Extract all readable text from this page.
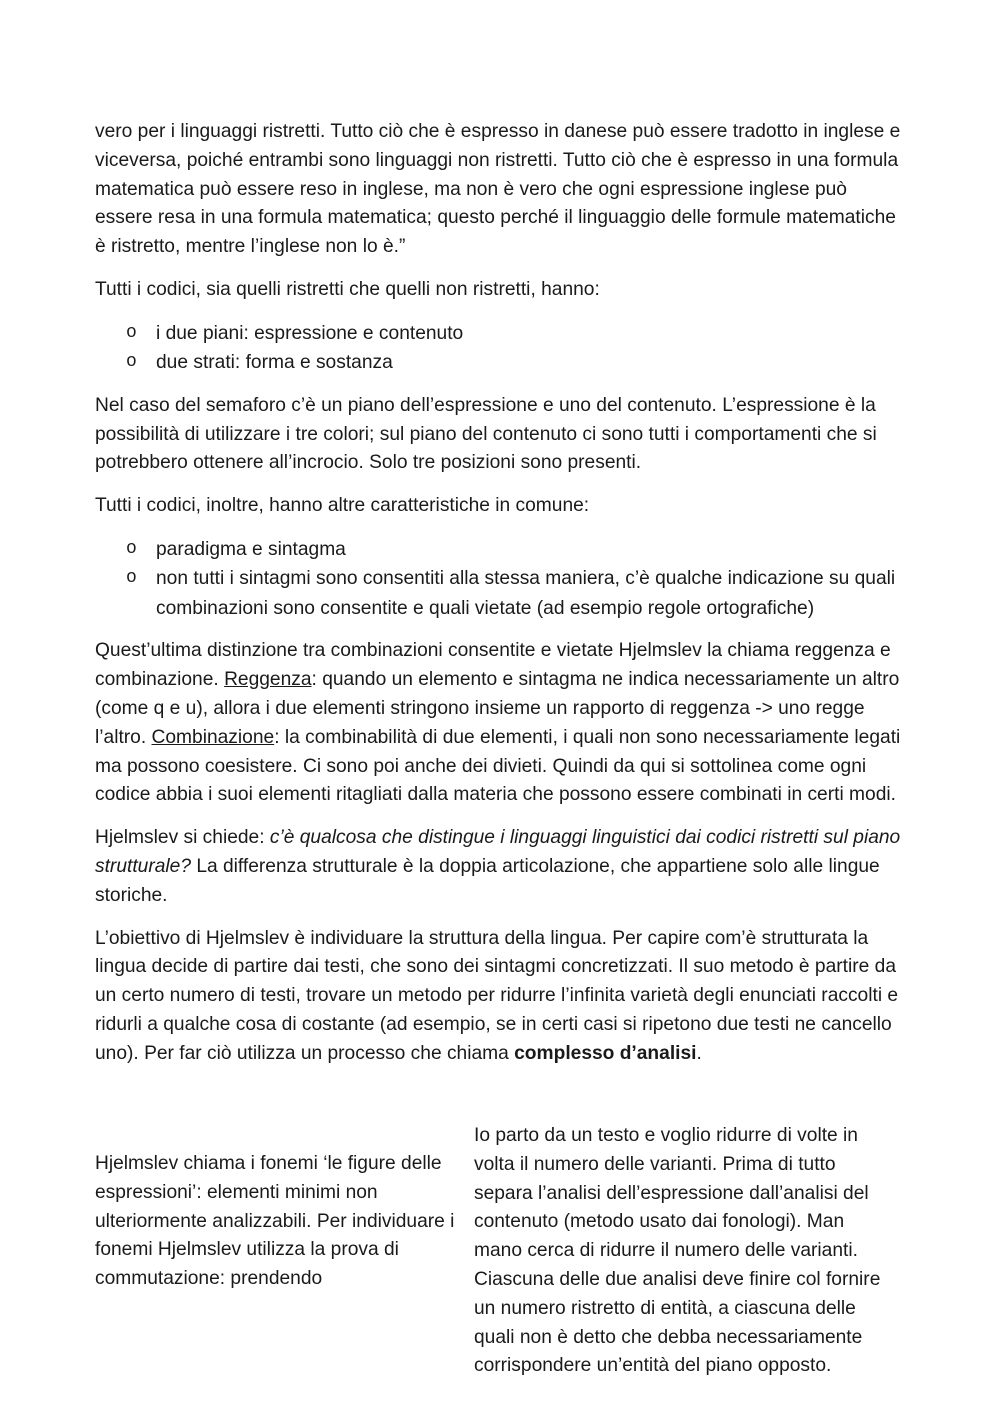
vero per i linguaggi ristretti. Tutto ciò che è espresso in danese può essere tradotto in inglese e viceversa, poiché entrambi sono linguaggi non ristretti. Tutto ciò che è espresso in una formula matematica può essere reso in inglese, ma non è vero che ogni espressione inglese può essere resa in una formula matematica; questo perché il linguaggio delle formule matematiche è ristretto, mentre l’inglese non lo è.”

Tutti i codici, sia quelli ristretti che quelli non ristretti, hanno:

o i due piani: espressione e contenuto
o due strati: forma e sostanza

Nel caso del semaforo c’è un piano dell’espressione e uno del contenuto. L’espressione è la possibilità di utilizzare i tre colori; sul piano del contenuto ci sono tutti i comportamenti che si potrebbero ottenere all’incrocio. Solo tre posizioni sono presenti.

Tutti i codici, inoltre, hanno altre caratteristiche in comune:

o paradigma e sintagma
o non tutti i sintagmi sono consentiti alla stessa maniera, c’è qualche indicazione su quali combinazioni sono consentite e quali vietate (ad esempio regole ortografiche)

Quest’ultima distinzione tra combinazioni consentite e vietate Hjelmslev la chiama reggenza e combinazione. Reggenza: quando un elemento e sintagma ne indica necessariamente un altro (come q e u), allora i due elementi stringono insieme un rapporto di reggenza -> uno regge l’altro. Combinazione: la combinabilità di due elementi, i quali non sono necessariamente legati ma possono coesistere. Ci sono poi anche dei divieti. Quindi da qui si sottolinea come ogni codice abbia i suoi elementi ritagliati dalla materia che possono essere combinati in certi modi.

Hjelmslev si chiede: c’è qualcosa che distingue i linguaggi linguistici dai codici ristretti sul piano strutturale? La differenza strutturale è la doppia articolazione, che appartiene solo alle lingue storiche.

L’obiettivo di Hjelmslev è individuare la struttura della lingua. Per capire com’è strutturata la lingua decide di partire dai testi, che sono dei sintagmi concretizzati. Il suo metodo è partire da un certo numero di testi, trovare un metodo per ridurre l’infinita varietà degli enunciati raccolti e ridurli a qualche cosa di costante (ad esempio, se in certi casi si ripetono due testi ne cancello uno). Per far ciò utilizza un processo che chiama complesso d’analisi.

Hjelmslev chiama i fonemi ‘le figure delle espressioni’: elementi minimi non ulteriormente analizzabili. Per individuare i fonemi Hjelmslev utilizza la prova di commutazione: prendendo

Io parto da un testo e voglio ridurre di volte in volta il numero delle varianti. Prima di tutto separa l’analisi dell’espressione dall’analisi del contenuto (metodo usato dai fonologi). Man mano cerca di ridurre il numero delle varianti. Ciascuna delle due analisi deve finire col fornire un numero ristretto di entità, a ciascuna delle quali non è detto che debba necessariamente corrispondere un’entità del piano opposto.
